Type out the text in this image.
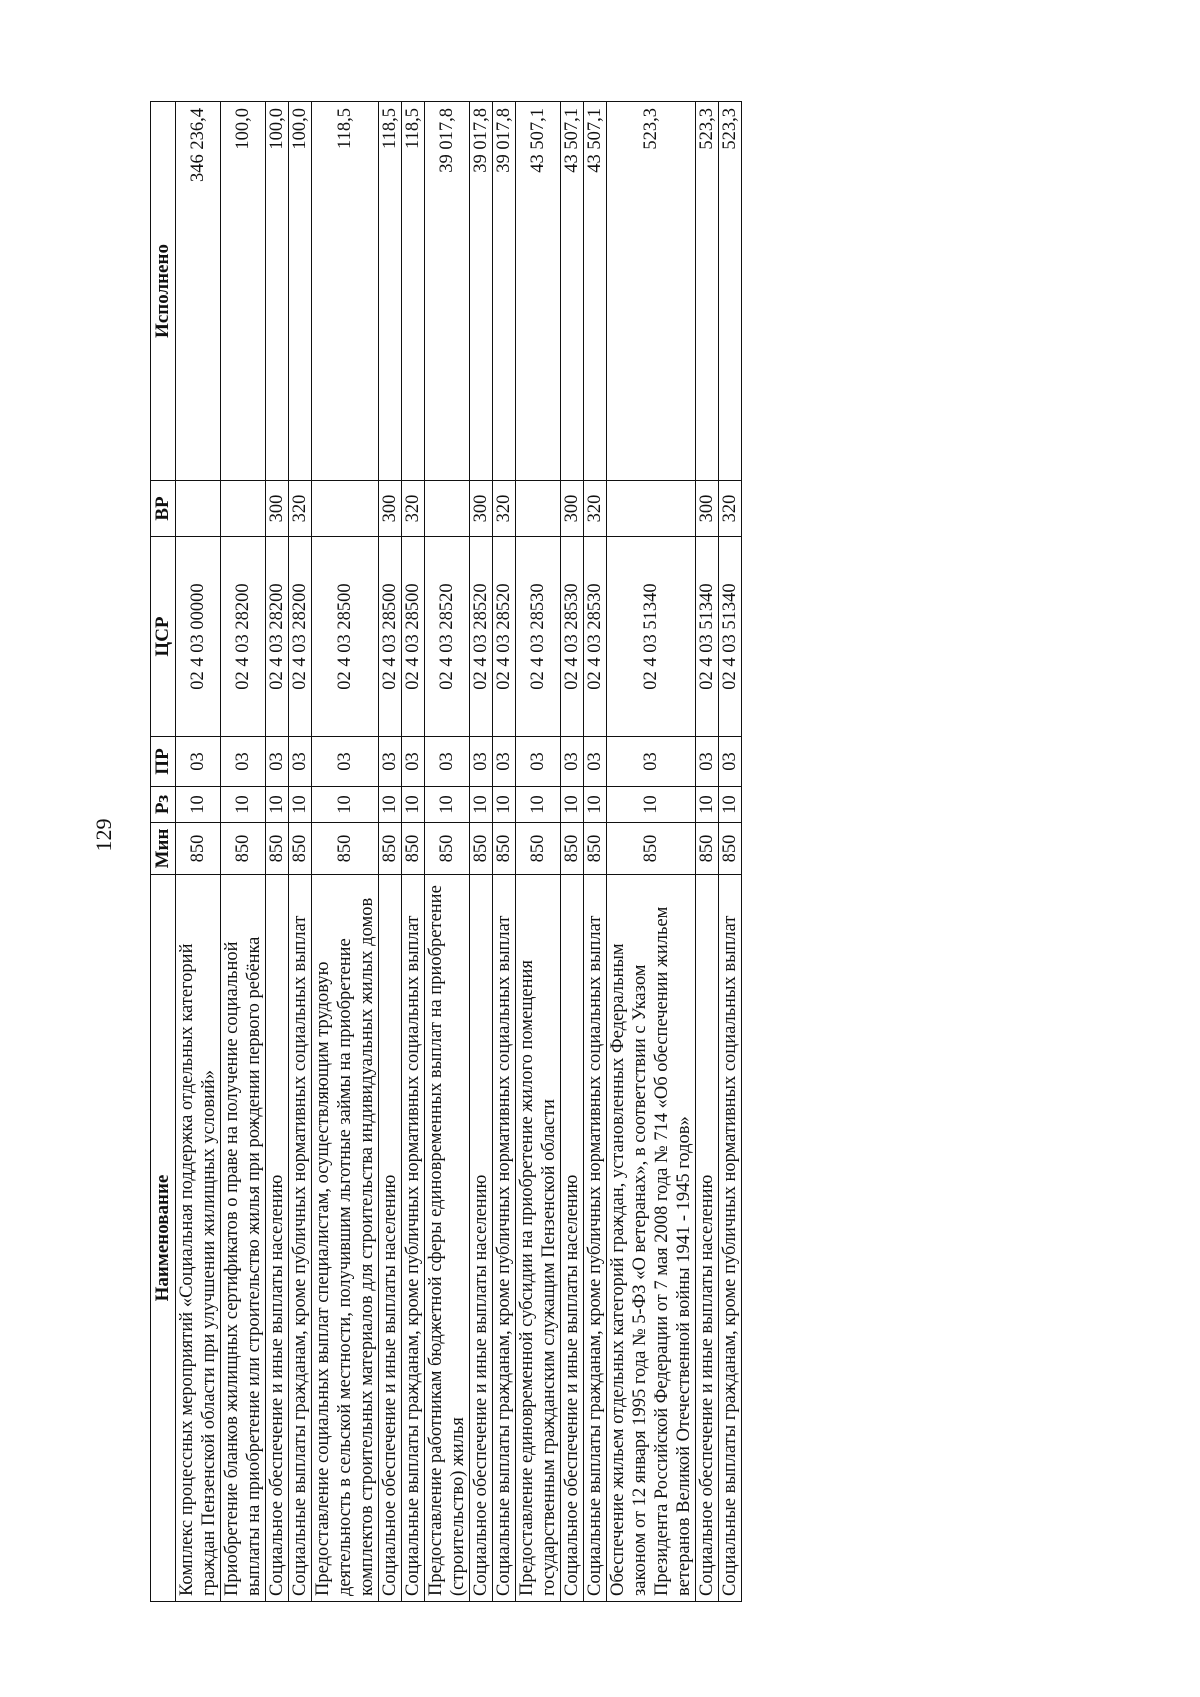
129
Наименование	Мин	Рз	ПР	ЦСР	ВР	Исполнено
Комплекс процессных мероприятий «Социальная поддержка отдельных категорий граждан Пензенской области при улучшении жилищных условий»	850	10	03	02 4 03 00000		346 236,4
Приобретение бланков жилищных сертификатов о праве на получение социальной выплаты на приобретение или строительство жилья при рождении первого ребёнка	850	10	03	02 4 03 28200		100,0
Социальное обеспечение и иные выплаты населению	850	10	03	02 4 03 28200	300	100,0
Социальные выплаты гражданам, кроме публичных нормативных социальных выплат	850	10	03	02 4 03 28200	320	100,0
Предоставление социальных выплат специалистам, осуществляющим трудовую деятельность в сельской местности, получившим льготные займы на приобретение комплектов строительных материалов для строительства индивидуальных жилых домов	850	10	03	02 4 03 28500		118,5
Социальное обеспечение и иные выплаты населению	850	10	03	02 4 03 28500	300	118,5
Социальные выплаты гражданам, кроме публичных нормативных социальных выплат	850	10	03	02 4 03 28500	320	118,5
Предоставление работникам бюджетной сферы единовременных выплат на приобретение (строительство) жилья	850	10	03	02 4 03 28520		39 017,8
Социальное обеспечение и иные выплаты населению	850	10	03	02 4 03 28520	300	39 017,8
Социальные выплаты гражданам, кроме публичных нормативных социальных выплат	850	10	03	02 4 03 28520	320	39 017,8
Предоставление единовременной субсидии на приобретение жилого помещения государственным гражданским служащим Пензенской области	850	10	03	02 4 03 28530		43 507,1
Социальное обеспечение и иные выплаты населению	850	10	03	02 4 03 28530	300	43 507,1
Социальные выплаты гражданам, кроме публичных нормативных социальных выплат	850	10	03	02 4 03 28530	320	43 507,1
Обеспечение жильем отдельных категорий граждан, установленных Федеральным законом от 12 января 1995 года № 5-ФЗ «О ветеранах», в соответствии с Указом Президента Российской Федерации от 7 мая 2008 года № 714 «Об обеспечении жильем ветеранов Великой Отечественной войны 1941 - 1945 годов»	850	10	03	02 4 03 51340		523,3
Социальное обеспечение и иные выплаты населению	850	10	03	02 4 03 51340	300	523,3
Социальные выплаты гражданам, кроме публичных нормативных социальных выплат	850	10	03	02 4 03 51340	320	523,3
